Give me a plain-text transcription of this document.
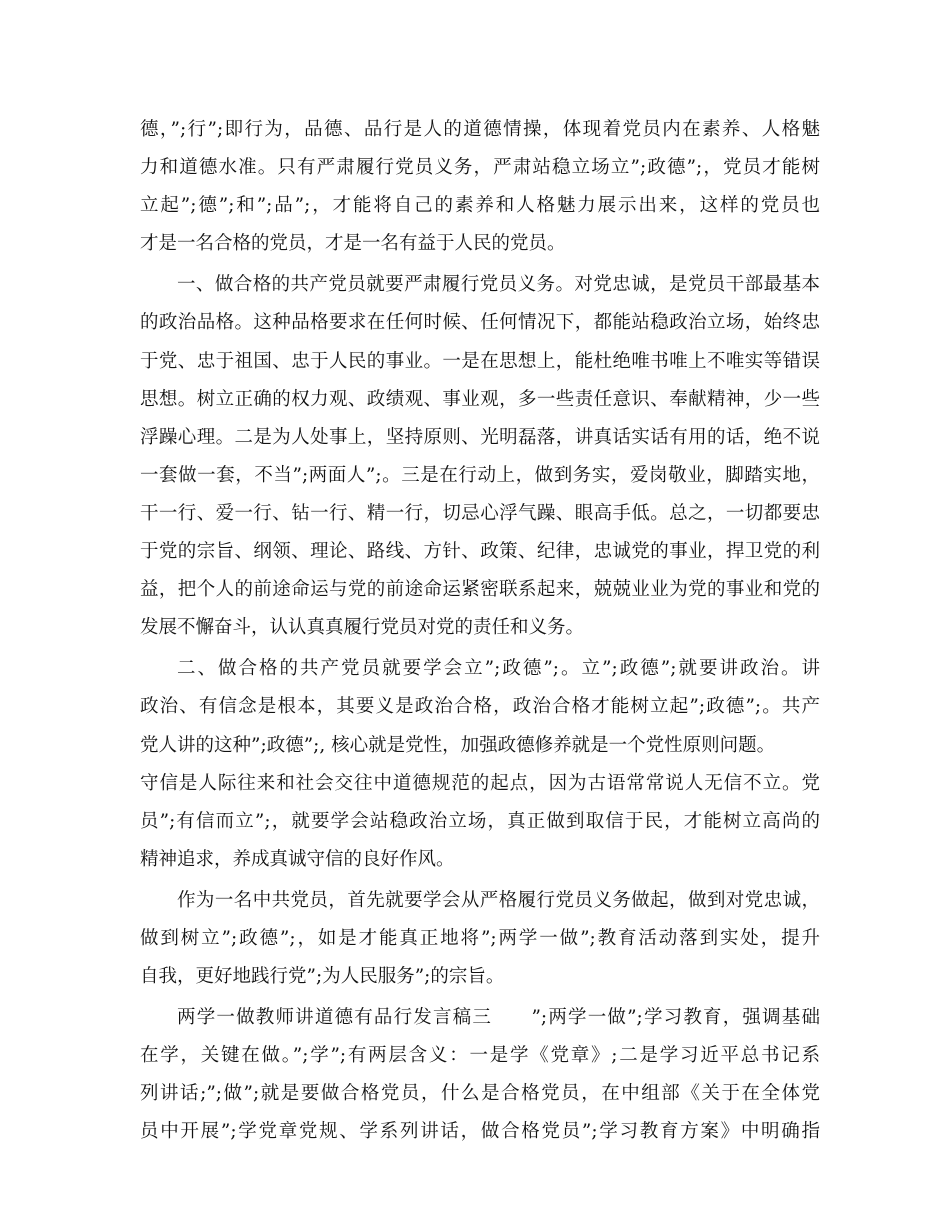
德，”;行”;即行为，品德、品行是人的道德情操，体现着党员内在素养、人格魅
力和道德水准。只有严肃履行党员义务，严肃站稳立场立”;政德”;，党员才能树
立起”;德”;和”;品”;，才能将自己的素养和人格魅力展示出来，这样的党员也
才是一名合格的党员，才是一名有益于人民的党员。
一、做合格的共产党员就要严肃履行党员义务。对党忠诚，是党员干部最基本
的政治品格。这种品格要求在任何时候、任何情况下，都能站稳政治立场，始终忠
于党、忠于祖国、忠于人民的事业。一是在思想上，能杜绝唯书唯上不唯实等错误
思想。树立正确的权力观、政绩观、事业观，多一些责任意识、奉献精神，少一些
浮躁心理。二是为人处事上，坚持原则、光明磊落，讲真话实话有用的话，绝不说
一套做一套，不当”;两面人”;。三是在行动上，做到务实，爱岗敬业，脚踏实地，
干一行、爱一行、钻一行、精一行，切忌心浮气躁、眼高手低。总之，一切都要忠
于党的宗旨、纲领、理论、路线、方针、政策、纪律，忠诚党的事业，捍卫党的利
益，把个人的前途命运与党的前途命运紧密联系起来，兢兢业业为党的事业和党的
发展不懈奋斗，认认真真履行党员对党的责任和义务。
二、做合格的共产党员就要学会立”;政德”;。立”;政德”;就要讲政治。讲
政治、有信念是根本，其要义是政治合格，政治合格才能树立起”;政德”;。共产
党人讲的这种”;政德”;, 核心就是党性，加强政德修养就是一个党性原则问题。
守信是人际往来和社会交往中道德规范的起点，因为古语常常说人无信不立。党
员”;有信而立”;，就要学会站稳政治立场，真正做到取信于民，才能树立高尚的
精神追求，养成真诚守信的良好作风。
作为一名中共党员，首先就要学会从严格履行党员义务做起，做到对党忠诚，
做到树立”;政德”;，如是才能真正地将”;两学一做”;教育活动落到实处，提升
自我，更好地践行党”;为人民服务”;的宗旨。
两学一做教师讲道德有品行发言稿三　　”;两学一做”;学习教育，强调基础
在学，关键在做。”;学”;有两层含义：一是学《党章》;二是学习近平总书记系
列讲话;”;做”;就是要做合格党员，什么是合格党员，在中组部《关于在全体党
员中开展”;学党章党规、学系列讲话，做合格党员”;学习教育方案》中明确指
